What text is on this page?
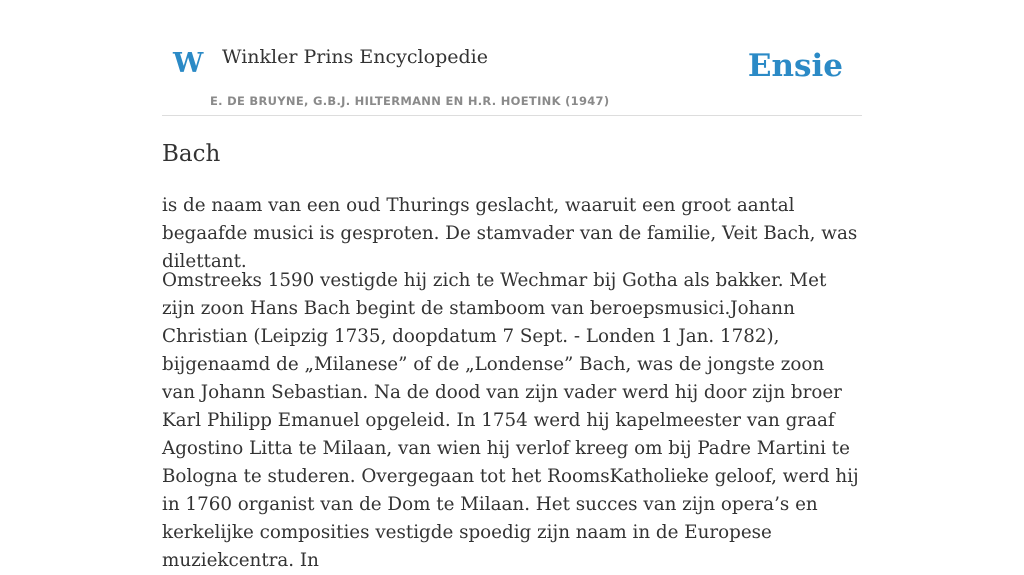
W Winkler Prins Encyclopedie
E. DE BRUYNE, G.B.J. HILTERMANN EN H.R. HOETINK (1947)
Ensie
Bach

is de naam van een oud Thurings geslacht, waaruit een groot aantal begaafde musici is gesproten. De stamvader van de familie, Veit Bach, was dilettant.

Omstreeks 1590 vestigde hij zich te Wechmar bij Gotha als bakker. Met zijn zoon Hans Bach begint de stamboom van beroepsmusici.Johann Christian (Leipzig 1735, doopdatum 7 Sept. - Londen 1 Jan. 1782), bijgenaamd de „Milanese” of de „Londense” Bach, was de jongste zoon van Johann Sebastian. Na de dood van zijn vader werd hij door zijn broer Karl Philipp Emanuel opgeleid. In 1754 werd hij kapelmeester van graaf Agostino Litta te Milaan, van wien hij verlof kreeg om bij Padre Martini te Bologna te studeren. Overgegaan tot het RoomsKatholieke geloof, werd hij in 1760 organist van de Dom te Milaan. Het succes van zijn opera’s en kerkelijke composities vestigde spoedig zijn naam in de Europese muziekcentra. In
